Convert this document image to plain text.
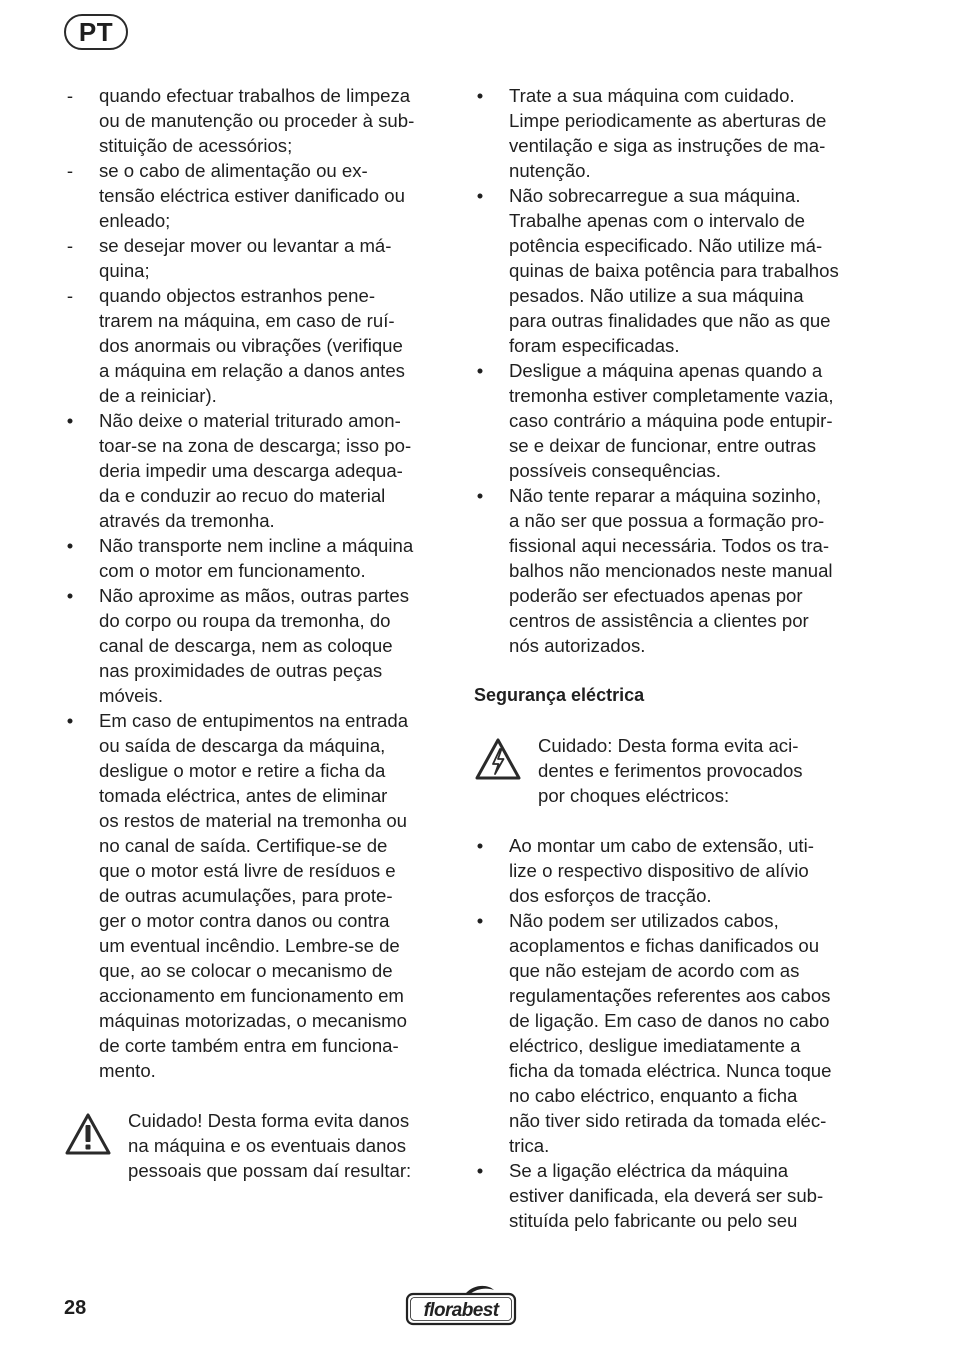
PT
- quando efectuar trabalhos de limpeza
ou de manutenção ou proceder à sub-
stituição de acessórios;
- se o cabo de alimentação ou ex-
tensão eléctrica estiver danificado ou
enleado;
- se desejar mover ou levantar a má-
quina;
- quando objectos estranhos pene-
trarem na máquina, em caso de ruí-
dos anormais ou vibrações (verifique
a máquina em relação a danos antes
de a reiniciar).
• Não deixe o material triturado amon-
toar-se na zona de descarga; isso po-
deria impedir uma descarga adequa-
da e conduzir ao recuo do material
através da tremonha.
• Não transporte nem incline a máquina
com o motor em funcionamento.
• Não aproxime as mãos, outras partes
do corpo ou roupa da tremonha, do
canal de descarga, nem as coloque
nas proximidades de outras peças
móveis.
• Em caso de entupimentos na entrada
ou saída de descarga da máquina,
desligue o motor e retire a ficha da
tomada eléctrica, antes de eliminar
os restos de material na tremonha ou
no canal de saída. Certifique-se de
que o motor está livre de resíduos e
de outras acumulações, para prote-
ger o motor contra danos ou contra
um eventual incêndio. Lembre-se de
que, ao se colocar o mecanismo de
accionamento em funcionamento em
máquinas motorizadas, o mecanismo
de corte também entra em funciona-
mento.
Cuidado! Desta forma evita danos
na máquina e os eventuais danos
pessoais que possam daí resultar:
• Trate a sua máquina com cuidado.
Limpe periodicamente as aberturas de
ventilação e siga as instruções de ma-
nutenção.
• Não sobrecarregue a sua máquina.
Trabalhe apenas com o intervalo de
potência especificado. Não utilize má-
quinas de baixa potência para trabalhos
pesados. Não utilize a sua máquina
para outras finalidades que não as que
foram especificadas.
• Desligue a máquina apenas quando a
tremonha estiver completamente vazia,
caso contrário a máquina pode entupir-
se e deixar de funcionar, entre outras
possíveis consequências.
• Não tente reparar a máquina sozinho,
a não ser que possua a formação pro-
fissional aqui necessária. Todos os tra-
balhos não mencionados neste manual
poderão ser efectuados apenas por
centros de assistência a clientes por
nós autorizados.
Segurança eléctrica
Cuidado: Desta forma evita aci-
dentes e ferimentos provocados
por choques eléctricos:
• Ao montar um cabo de extensão, uti-
lize o respectivo dispositivo de alívio
dos esforços de tracção.
• Não podem ser utilizados cabos,
acoplamentos e fichas danificados ou
que não estejam de acordo com as
regulamentações referentes aos cabos
de ligação. Em caso de danos no cabo
eléctrico, desligue imediatamente a
ficha da tomada eléctrica. Nunca toque
no cabo eléctrico, enquanto a ficha
não tiver sido retirada da tomada eléc-
trica.
• Se a ligação eléctrica da máquina
estiver danificada, ela deverá ser sub-
stituída pelo fabricante ou pelo seu
28	florabest
